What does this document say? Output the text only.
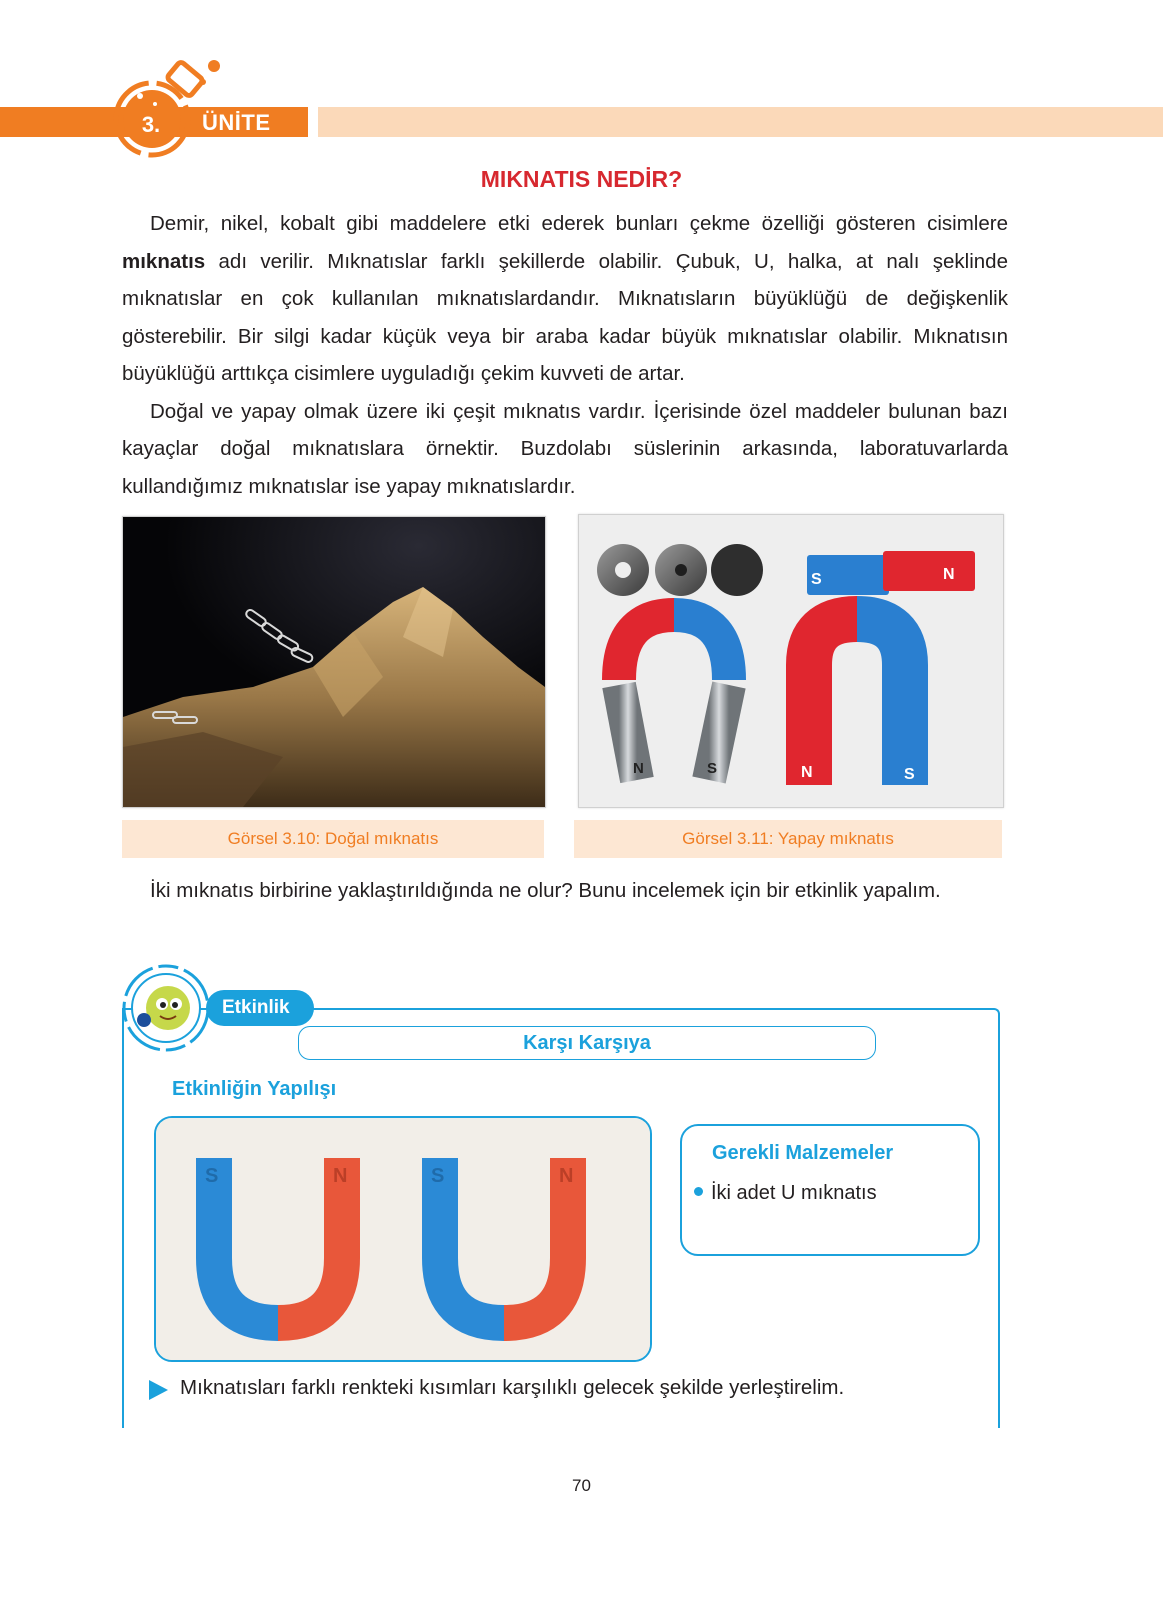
3.	ÜNİTE
MIKNATIS NEDİR?

Demir, nikel, kobalt gibi maddelere etki ederek bunları çekme özelliği gösteren cisimlere mıknatıs adı verilir. Mıknatıslar farklı şekillerde olabilir. Çubuk, U, halka, at nalı şeklinde mıknatıslar en çok kullanılan mıknatıslardandır. Mıknatısların büyüklüğü de değişkenlik gösterebilir. Bir silgi kadar küçük veya bir araba kadar büyük mıknatıslar olabilir. Mıknatısın büyüklüğü arttıkça cisimlere uyguladığı çekim kuvveti de artar.

Doğal ve yapay olmak üzere iki çeşit mıknatıs vardır. İçerisinde özel maddeler bulunan bazı kayaçlar doğal mıknatıslara örnektir. Buzdolabı süslerinin arkasında, laboratuvarlarda kullandığımız mıknatıslar ise yapay mıknatıslardır.

Görsel 3.10: Doğal mıknatıs
S	N
N	S	N	S
Görsel 3.11: Yapay mıknatıs

İki mıknatıs birbirine yaklaştırıldığında ne olur? Bunu incelemek için bir etkinlik yapalım.

Etkinlik
Karşı Karşıya
Etkinliğin Yapılışı
S	N	S	N
Gerekli Malzemeler
İki adet U mıknatıs
Mıknatısları farklı renkteki kısımları karşılıklı gelecek şekilde yerleştirelim.
70
